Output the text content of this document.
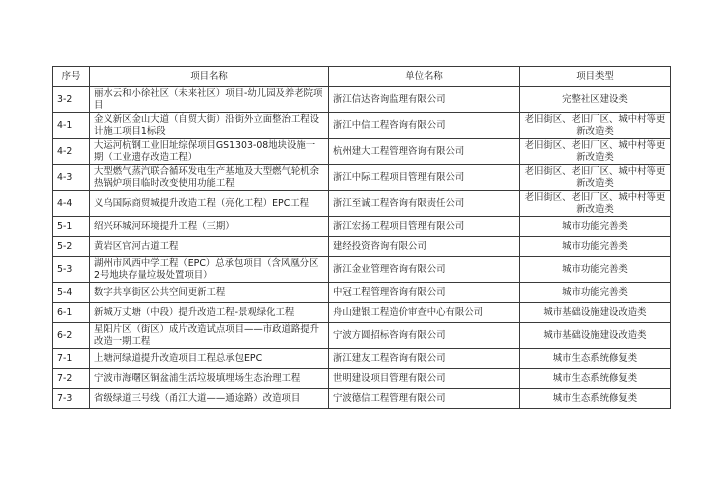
序号	项目名称	单位名称	项目类型
3-2	丽水云和小徐社区（未来社区）项目-幼儿园及养老院项目	浙江信达咨询监理有限公司	完整社区建设类
4-1	金义新区金山大道（自贸大街）沿街外立面整治工程设计施工项目1标段	浙江中信工程咨询有限公司	老旧街区、老旧厂区、城中村等更新改造类
4-2	大运河杭钢工业旧址综保项目GS1303-08地块设施一期（工业遗存改造工程）	杭州建大工程管理咨询有限公司	老旧街区、老旧厂区、城中村等更新改造类
4-3	大型燃气蒸汽联合循环发电生产基地及大型燃气轮机余热锅炉项目临时改变使用功能工程	浙江中际工程项目管理有限公司	老旧街区、老旧厂区、城中村等更新改造类
4-4	义乌国际商贸城提升改造工程（亮化工程）EPC工程	浙江至诚工程咨询有限责任公司	老旧街区、老旧厂区、城中村等更新改造类
5-1	绍兴环城河环境提升工程（三期）	浙江宏扬工程项目管理有限公司	城市功能完善类
5-2	黄岩区官河古道工程	建经投资咨询有限公司	城市功能完善类
5-3	湖州市风西中学工程（EPC）总承包项目（含风凰分区2号地块存量垃圾处置项目）	浙江金业管理咨询有限公司	城市功能完善类
5-4	数字共享街区公共空间更新工程	中冠工程管理咨询有限公司	城市功能完善类
6-1	新城万丈塘（中段）提升改造工程-景观绿化工程	舟山建银工程造价审查中心有限公司	城市基础设施建设改造类
6-2	星阳片区（街区）成片改造试点项目——市政道路提升改造一期工程	宁波方圆招标咨询有限公司	城市基础设施建设改造类
7-1	上塘河绿道提升改造项目工程总承包EPC	浙江建友工程咨询有限公司	城市生态系统修复类
7-2	宁波市海曙区铜盆浦生活垃圾填埋场生态治理工程	世明建设项目管理有限公司	城市生态系统修复类
7-3	省级绿道三号线（甬江大道——通途路）改造项目	宁波德信工程管理有限公司	城市生态系统修复类
